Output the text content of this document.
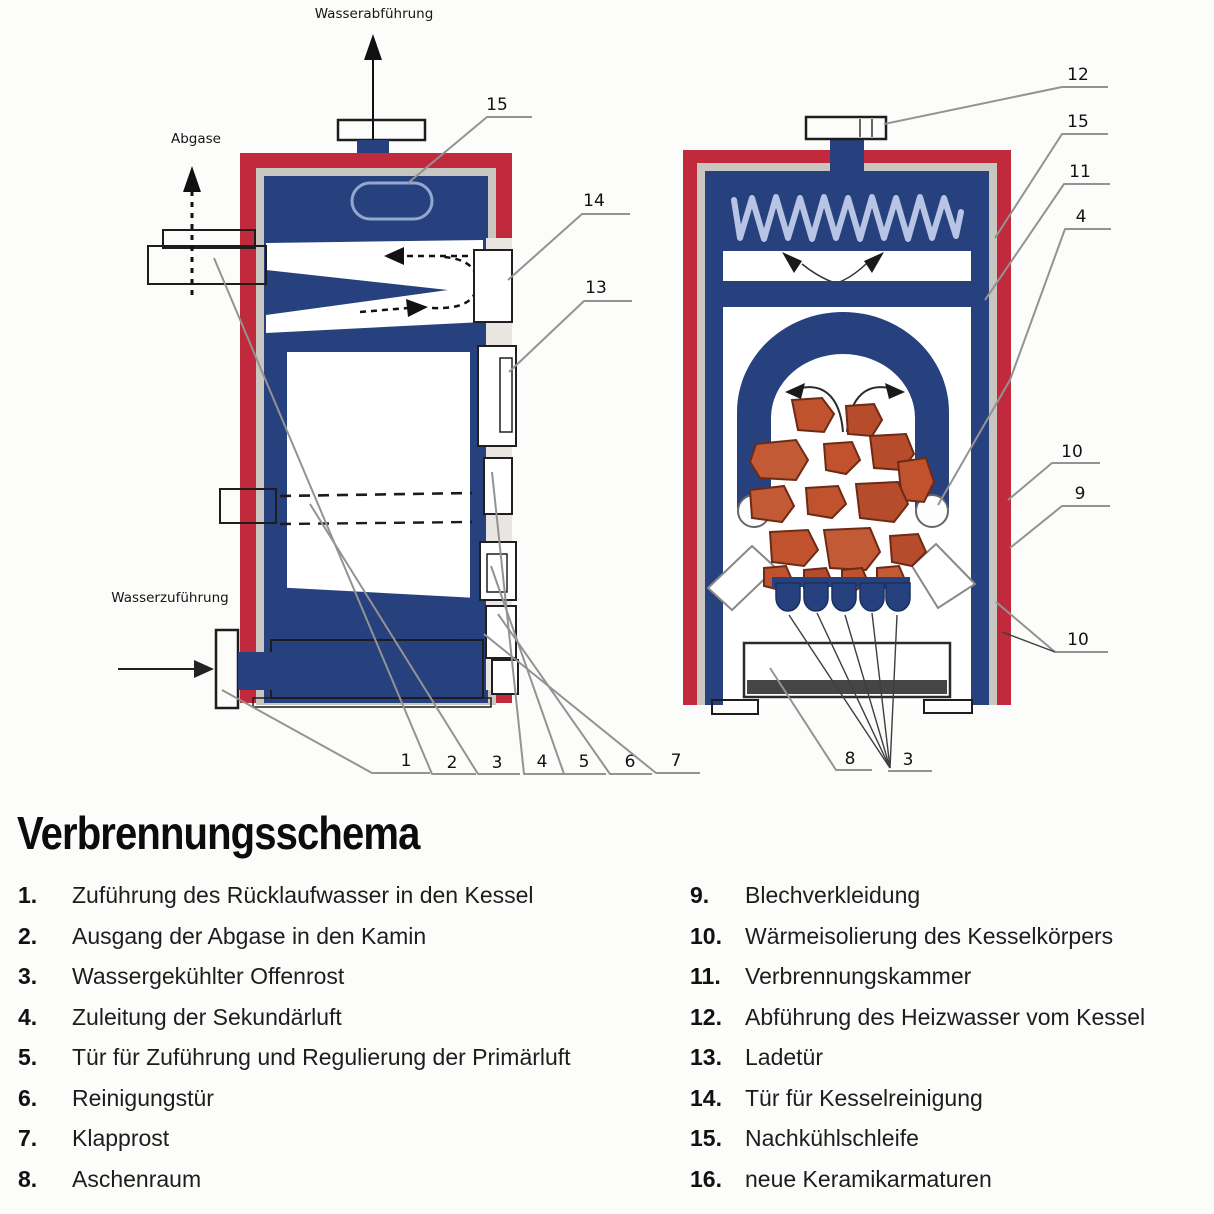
Wasserabführung
Wasserzuführung
Abgase
15
14
13
1 2 3 4 5 6 7
12
15
11
4
10
9
10
8	3
Verbrennungsschema
1.	Zuführung des Rücklaufwasser in den Kessel
2.	Ausgang der Abgase in den Kamin
3.	Wassergekühlter Offenrost
4.	Zuleitung der Sekundärluft
5.	Tür für Zuführung und Regulierung der Primärluft
6.	Reinigungstür
7.	Klapprost
8.	Aschenraum
9.	Blechverkleidung
10.	Wärmeisolierung des Kesselkörpers
11.	Verbrennungskammer
12.	Abführung des Heizwasser vom Kessel
13.	Ladetür
14.	Tür für Kesselreinigung
15.	Nachkühlschleife
16.	neue Keramikarmaturen
